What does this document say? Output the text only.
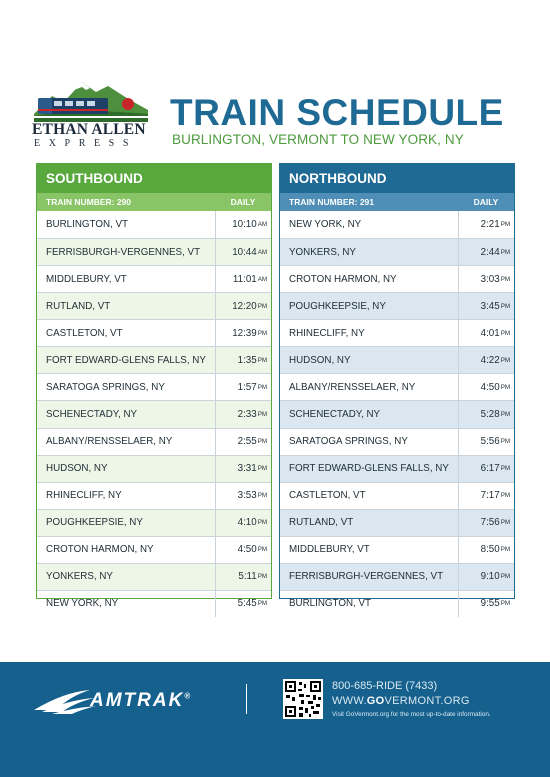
ETHAN ALLEN
EXPRESS
TRAIN SCHEDULE
BURLINGTON, VERMONT TO NEW YORK, NY
SOUTHBOUND
TRAIN NUMBER: 290	DAILY
BURLINGTON, VT	10:10 AM
FERRISBURGH-VERGENNES, VT	10:44 AM
MIDDLEBURY, VT	11:01 AM
RUTLAND, VT	12:20 PM
CASTLETON, VT	12:39 PM
FORT EDWARD-GLENS FALLS, NY	1:35 PM
SARATOGA SPRINGS, NY	1:57 PM
SCHENECTADY, NY	2:33 PM
ALBANY/RENSSELAER, NY	2:55 PM
HUDSON, NY	3:31 PM
RHINECLIFF, NY	3:53 PM
POUGHKEEPSIE, NY	4:10 PM
CROTON HARMON, NY	4:50 PM
YONKERS, NY	5:11 PM
NEW YORK, NY	5:45 PM
NORTHBOUND
TRAIN NUMBER: 291	DAILY
NEW YORK, NY	2:21 PM
YONKERS, NY	2:44 PM
CROTON HARMON, NY	3:03 PM
POUGHKEEPSIE, NY	3:45 PM
RHINECLIFF, NY	4:01 PM
HUDSON, NY	4:22 PM
ALBANY/RENSSELAER, NY	4:50 PM
SCHENECTADY, NY	5:28 PM
SARATOGA SPRINGS, NY	5:56 PM
FORT EDWARD-GLENS FALLS, NY	6:17 PM
CASTLETON, VT	7:17 PM
RUTLAND, VT	7:56 PM
MIDDLEBURY, VT	8:50 PM
FERRISBURGH-VERGENNES, VT	9:10 PM
BURLINGTON, VT	9:55 PM
AMTRAK®
800-685-RIDE (7433)
WWW.GOVERMONT.ORG
Visit GoVermont.org for the most up-to-date information.
